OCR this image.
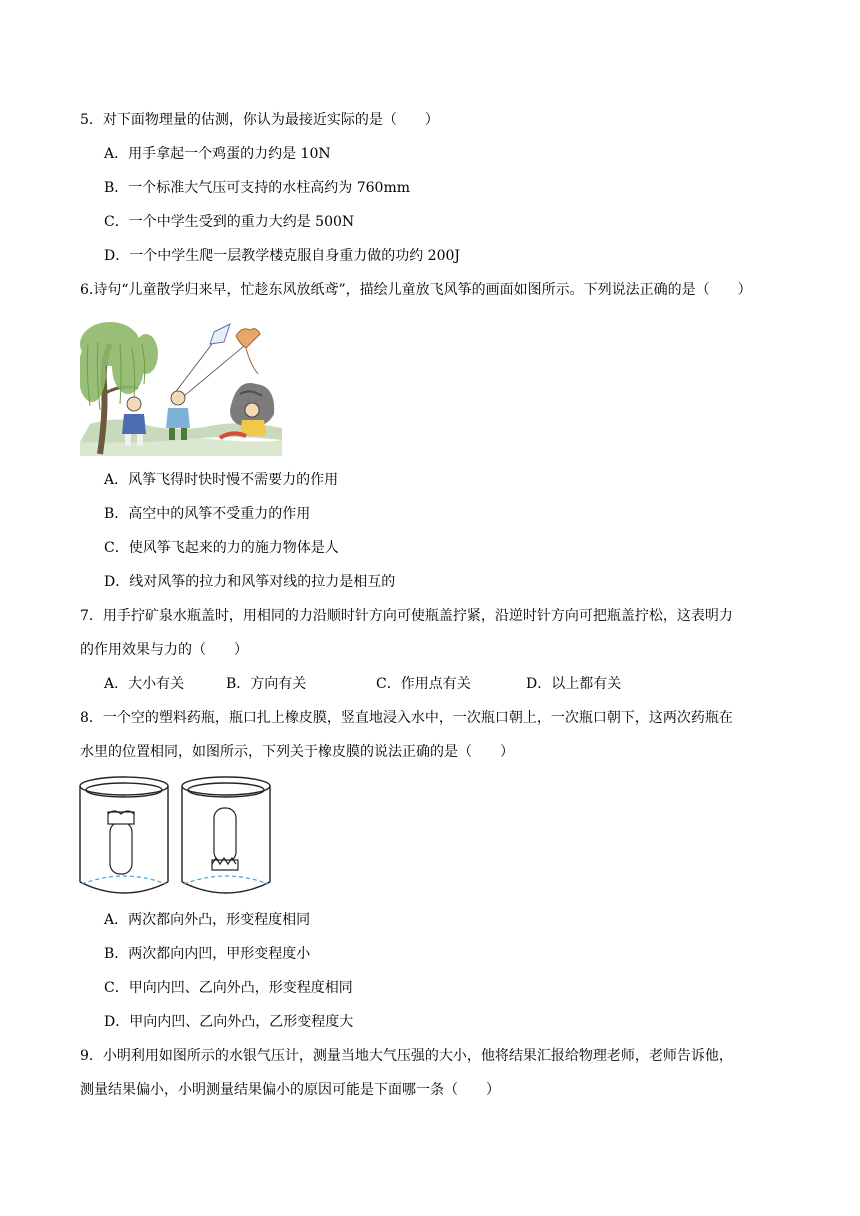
5．对下面物理量的估测，你认为最接近实际的是（　　）
A．用手拿起一个鸡蛋的力约是 10N
B．一个标准大气压可支持的水柱高约为 760mm
C．一个中学生受到的重力大约是 500N
D．一个中学生爬一层教学楼克服自身重力做的功约 200J
6.诗句“儿童散学归来早，忙趁东风放纸鸢”，描绘儿童放飞风筝的画面如图所示。下列说法正确的是（　　）
A．风筝飞得时快时慢不需要力的作用
B．高空中的风筝不受重力的作用
C．使风筝飞起来的力的施力物体是人
D．线对风筝的拉力和风筝对线的拉力是相互的
7．用手拧矿泉水瓶盖时，用相同的力沿顺时针方向可使瓶盖拧紧，沿逆时针方向可把瓶盖拧松，这表明力
的作用效果与力的（　　）
A．大小有关	B．方向有关	C．作用点有关	D．以上都有关
8．一个空的塑料药瓶，瓶口扎上橡皮膜，竖直地浸入水中，一次瓶口朝上，一次瓶口朝下，这两次药瓶在
水里的位置相同，如图所示，下列关于橡皮膜的说法正确的是（　　）
A．两次都向外凸，形变程度相同
B．两次都向内凹，甲形变程度小
C．甲向内凹、乙向外凸，形变程度相同
D．甲向内凹、乙向外凸，乙形变程度大
9．小明利用如图所示的水银气压计，测量当地大气压强的大小，他将结果汇报给物理老师，老师告诉他，
测量结果偏小，小明测量结果偏小的原因可能是下面哪一条（　　）
